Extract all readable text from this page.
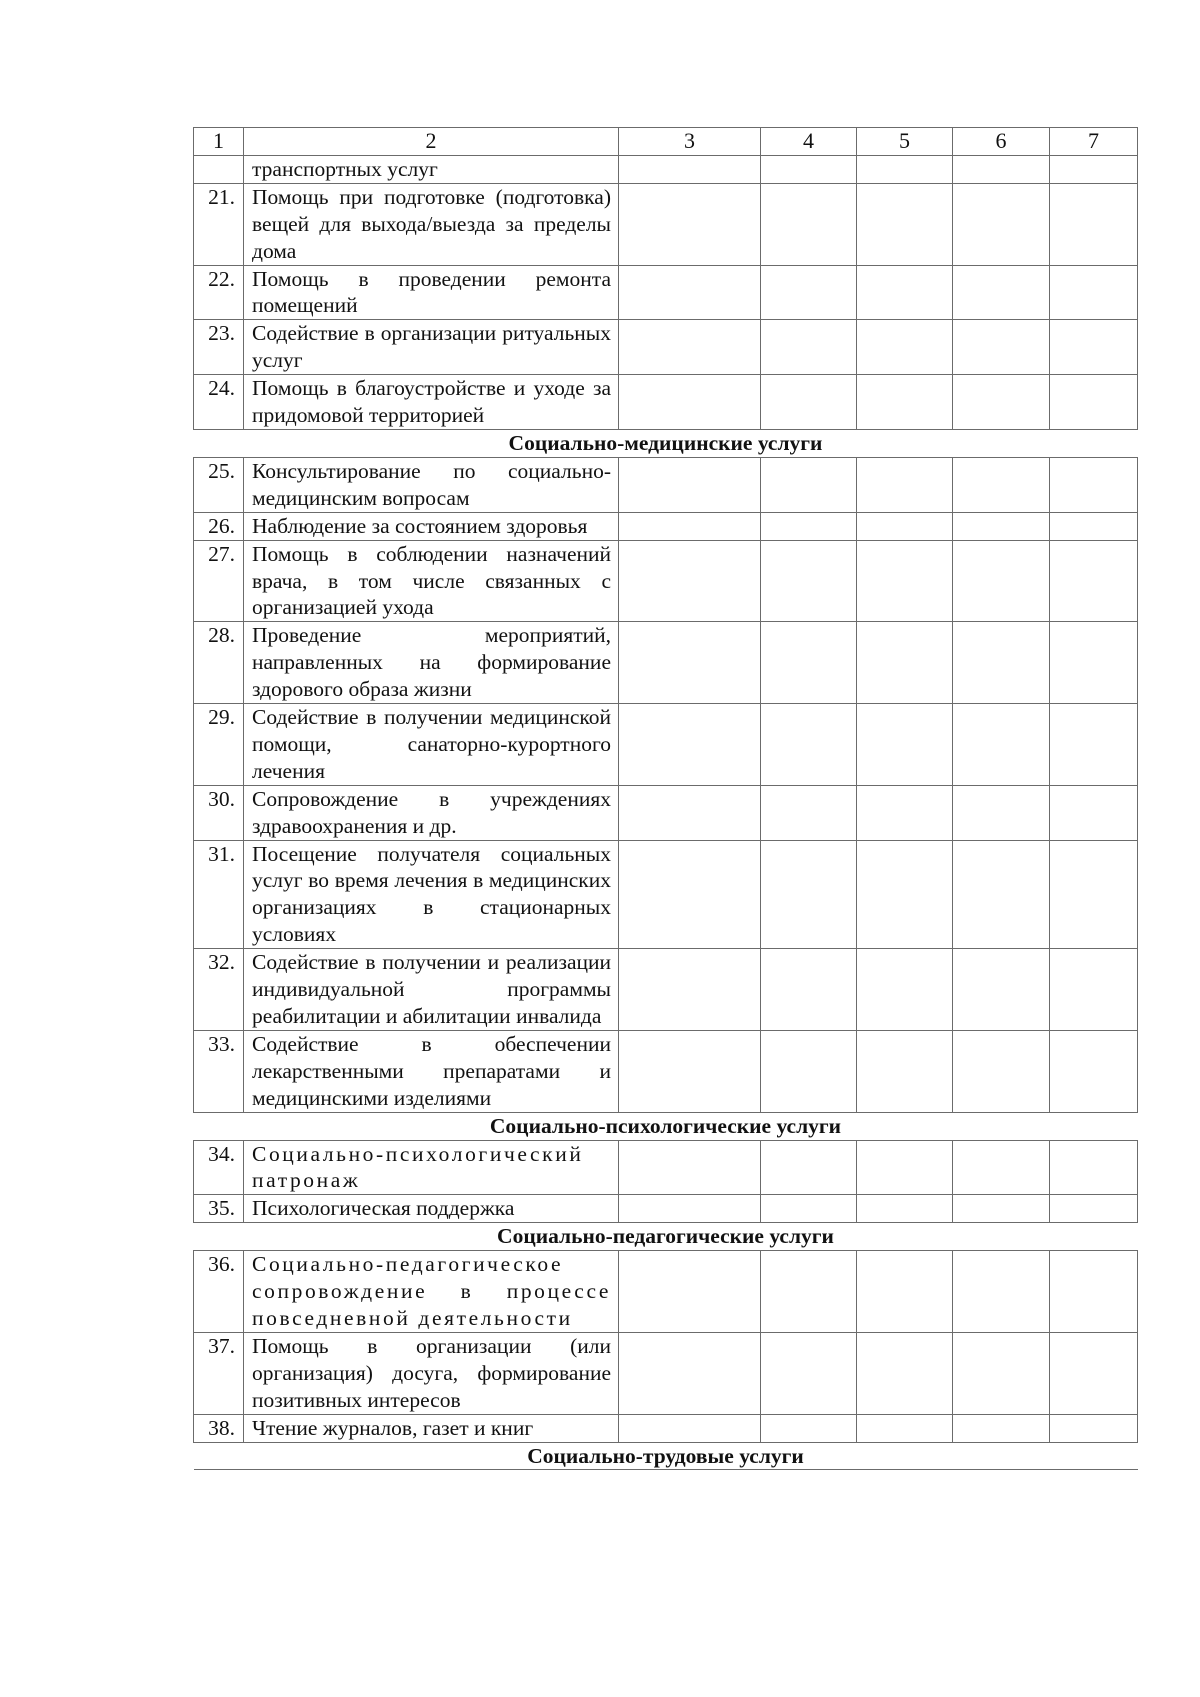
1	2	3	4	5	6	7
	транспортных услуг					
21.	Помощь при подготовке (подготовка) вещей для выхода/выезда за пределы дома					
22.	Помощь в проведении ремонта помещений					
23.	Содействие в организации ритуальных услуг					
24.	Помощь в благоустройстве и уходе за придомовой территорией					
Социально-медицинские услуги						
25.	Консультирование по социально-медицинским вопросам					
26.	Наблюдение за состоянием здоровья					
27.	Помощь в соблюдении назначений врача, в том числе связанных с организацией ухода					
28.	Проведение мероприятий, направленных на формирование здорового образа жизни					
29.	Содействие в получении медицинской помощи, санаторно-курортного лечения					
30.	Сопровождение в учреждениях здравоохранения и др.					
31.	Посещение получателя социальных услуг во время лечения в медицинских организациях в стационарных условиях					
32.	Содействие в получении и реализации индивидуальной программы реабилитации и абилитации инвалида					
33.	Содействие в обеспечении лекарственными препаратами и медицинскими изделиями					
Социально-психологические услуги						
34.	Социально-психологический патронаж					
35.	Психологическая поддержка					
Социально-педагогические услуги						
36.	Социально-педагогическое сопровождение в процессе повседневной деятельности					
37.	Помощь в организации (или организация) досуга, формирование позитивных интересов					
38.	Чтение журналов, газет и книг					
Социально-трудовые услуги						
